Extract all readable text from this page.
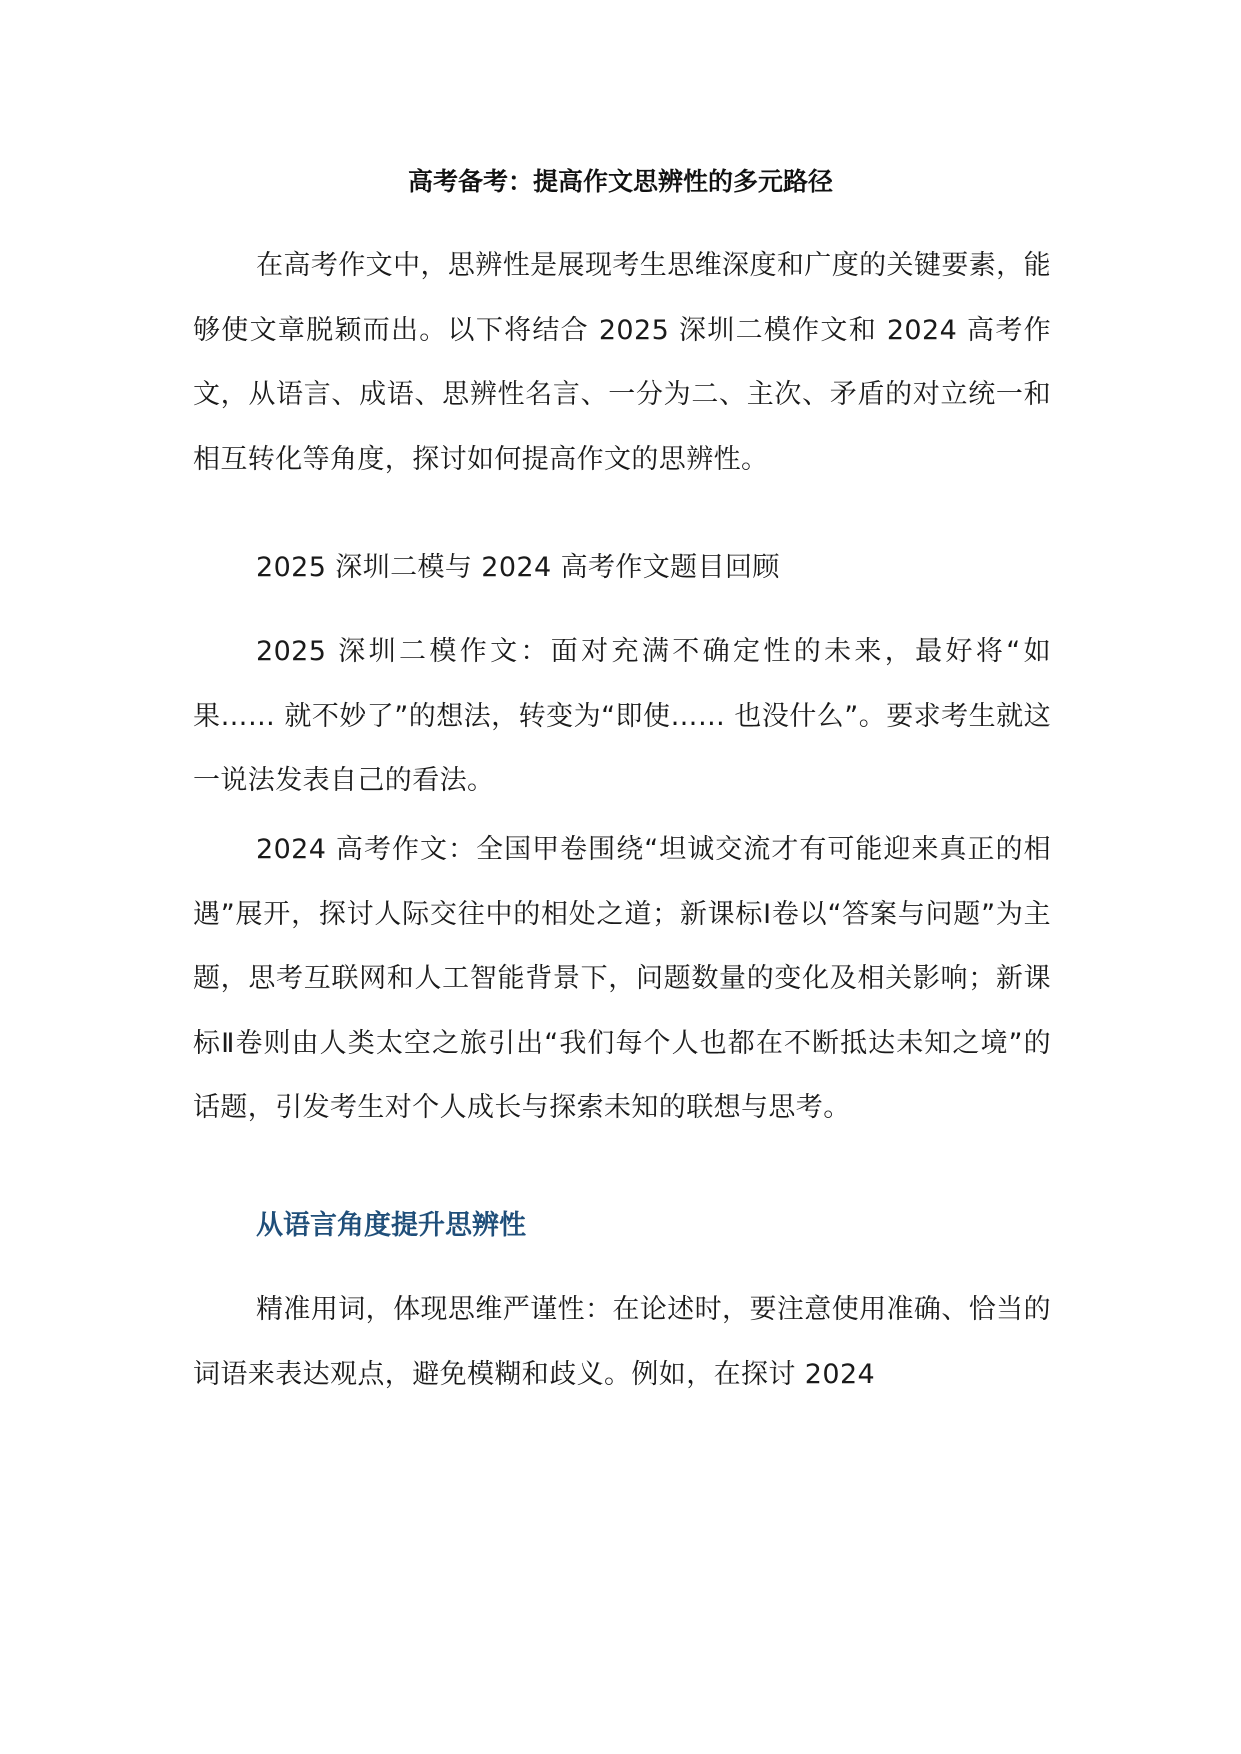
高考备考：提高作文思辨性的多元路径

在高考作文中，思辨性是展现考生思维深度和广度的关键要素，能够使文章脱颖而出。以下将结合 2025 深圳二模作文和 2024 高考作文，从语言、成语、思辨性名言、一分为二、主次、矛盾的对立统一和相互转化等角度，探讨如何提高作文的思辨性。

2025 深圳二模与 2024 高考作文题目回顾

2025 深圳二模作文：面对充满不确定性的未来，最好将“如果…… 就不妙了”的想法，转变为“即使…… 也没什么”。要求考生就这一说法发表自己的看法。

2024 高考作文：全国甲卷围绕“坦诚交流才有可能迎来真正的相遇”展开，探讨人际交往中的相处之道；新课标Ⅰ卷以“答案与问题”为主题，思考互联网和人工智能背景下，问题数量的变化及相关影响；新课标Ⅱ卷则由人类太空之旅引出“我们每个人也都在不断抵达未知之境”的话题，引发考生对个人成长与探索未知的联想与思考。

从语言角度提升思辨性

精准用词，体现思维严谨性：在论述时，要注意使用准确、恰当的词语来表达观点，避免模糊和歧义。例如，在探讨 2024
